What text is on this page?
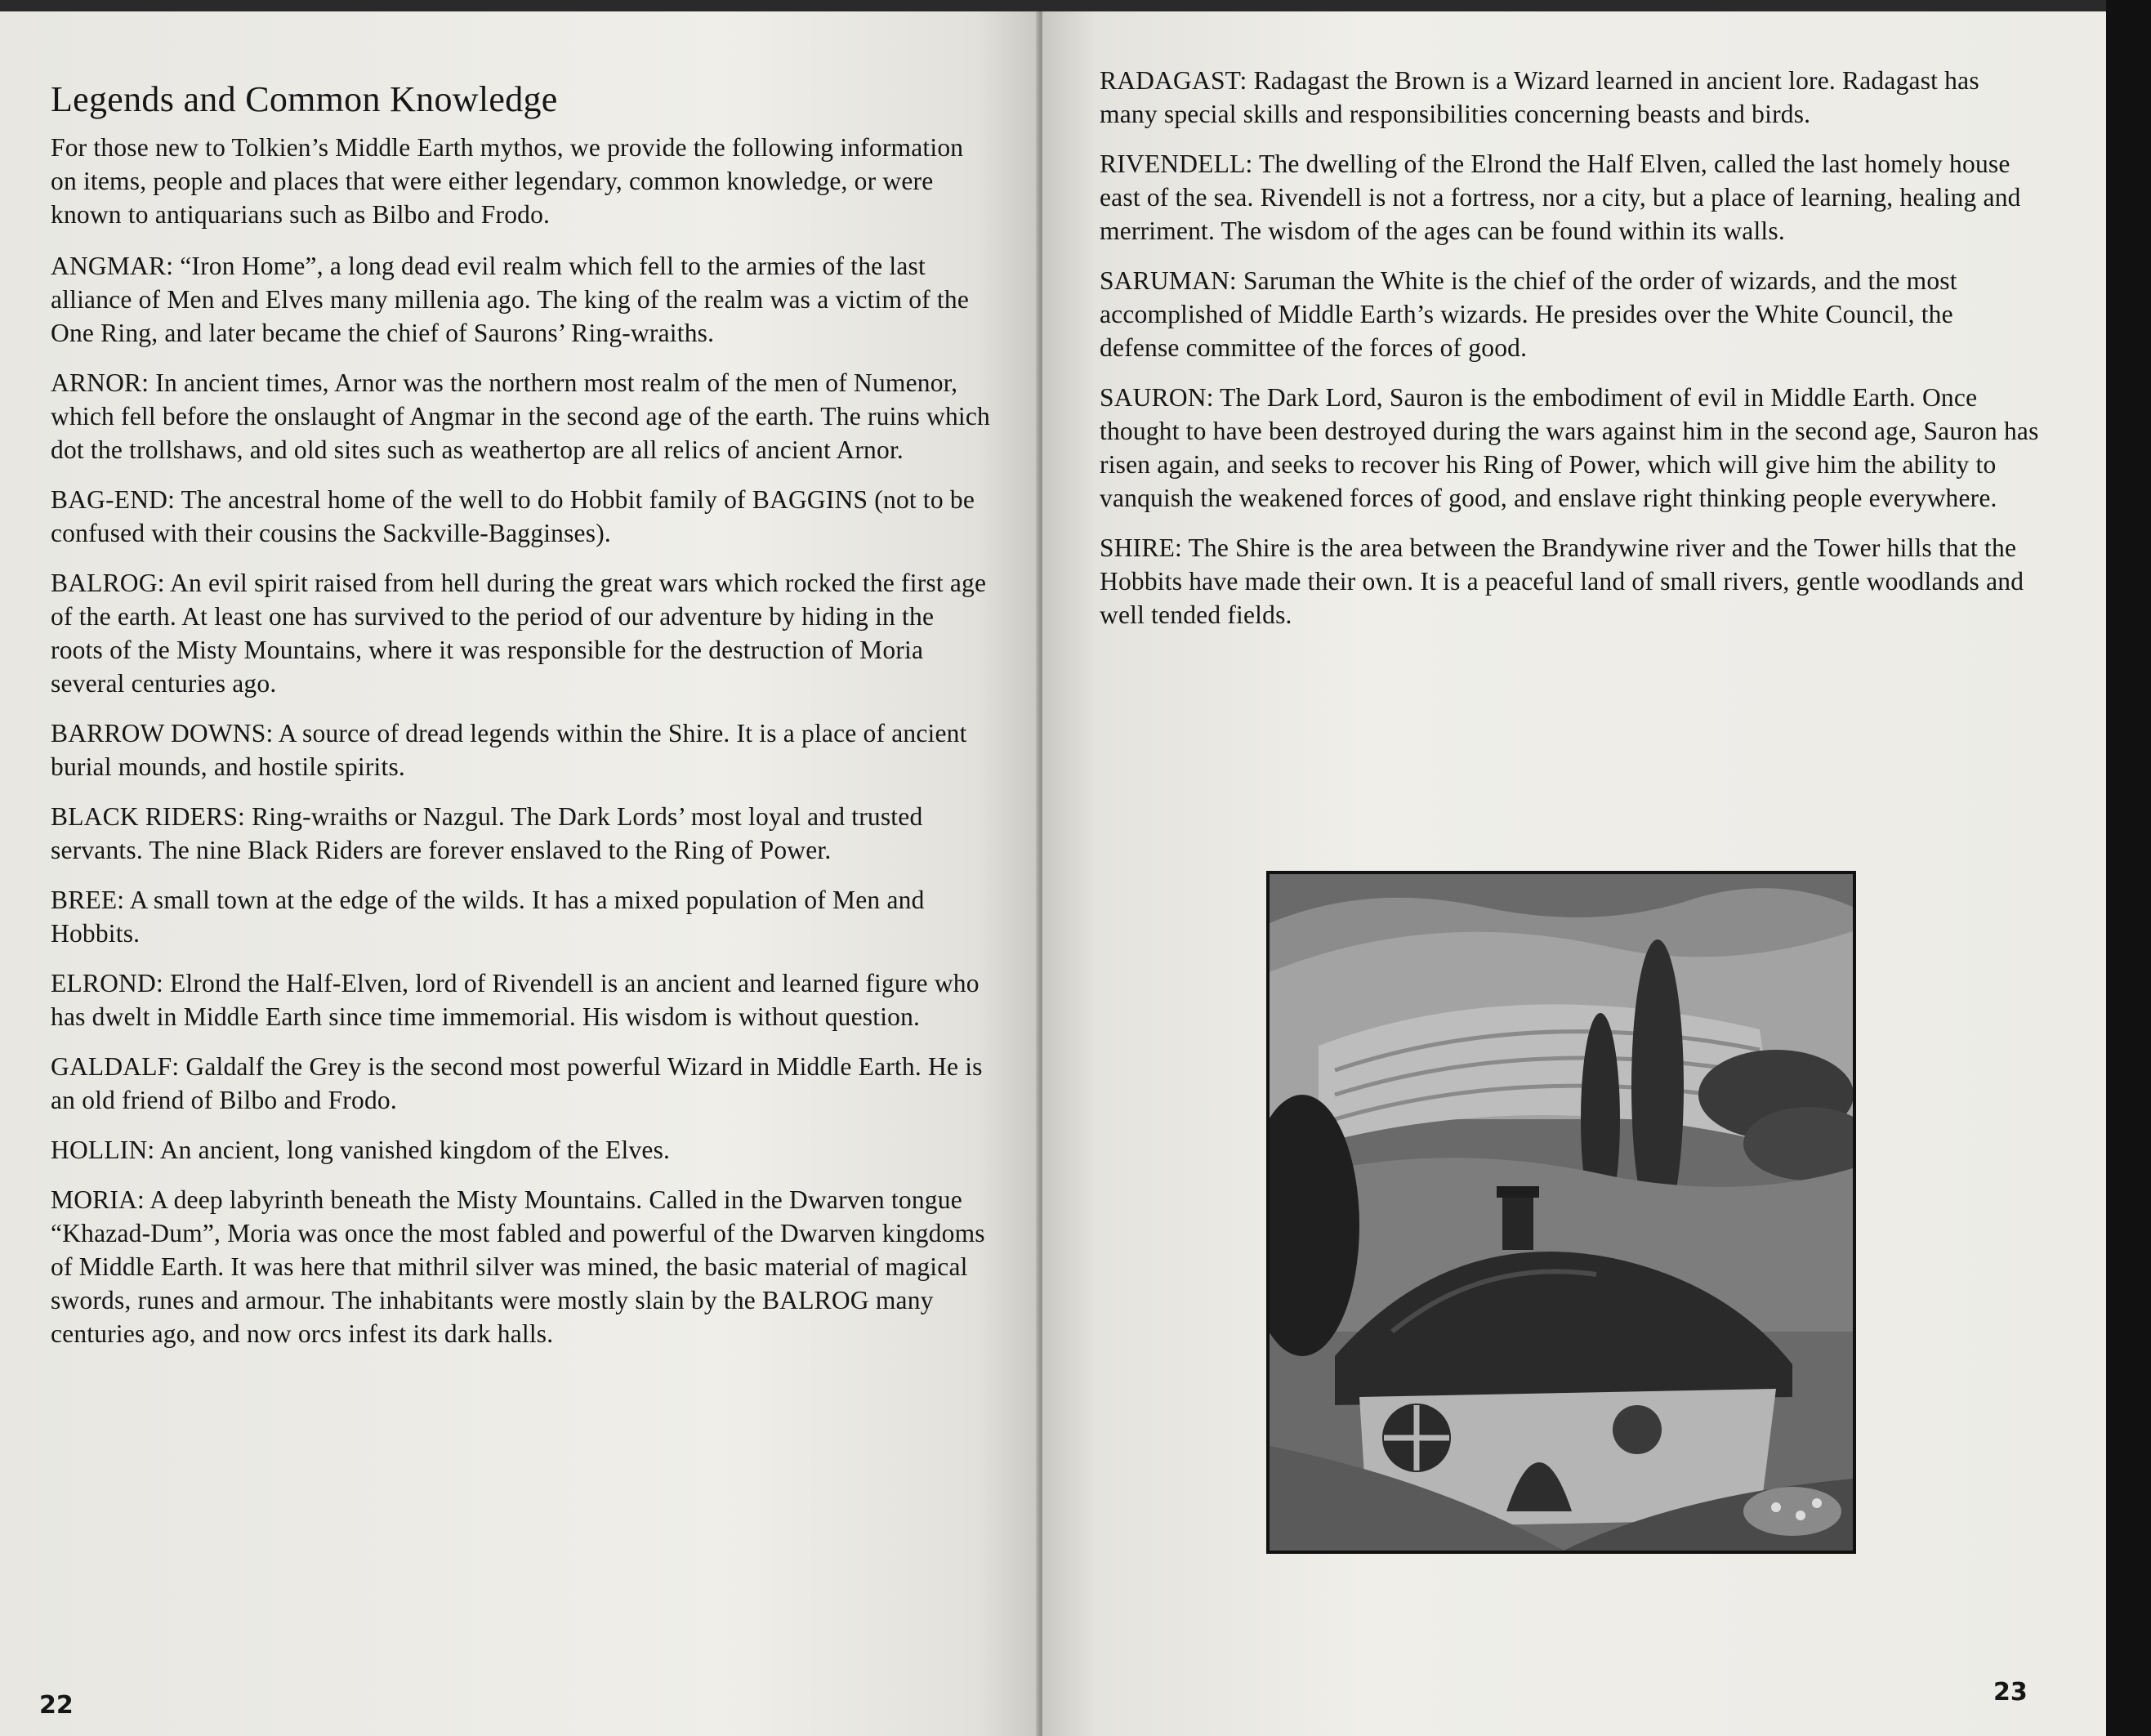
Legends and Common Knowledge

For those new to Tolkien’s Middle Earth mythos, we provide the following information on items, people and places that were either legendary, common knowledge, or were known to antiquarians such as Bilbo and Frodo.

ANGMAR: “Iron Home”, a long dead evil realm which fell to the armies of the last alliance of Men and Elves many millenia ago. The king of the realm was a victim of the One Ring, and later became the chief of Saurons’ Ring-wraiths.

ARNOR: In ancient times, Arnor was the northern most realm of the men of Numenor, which fell before the onslaught of Angmar in the second age of the earth. The ruins which dot the trollshaws, and old sites such as weathertop are all relics of ancient Arnor.

BAG-END: The ancestral home of the well to do Hobbit family of BAGGINS (not to be confused with their cousins the Sackville-Bagginses).

BALROG: An evil spirit raised from hell during the great wars which rocked the first age of the earth. At least one has survived to the period of our adventure by hiding in the roots of the Misty Mountains, where it was responsible for the destruction of Moria several centuries ago.

BARROW DOWNS: A source of dread legends within the Shire. It is a place of ancient burial mounds, and hostile spirits.

BLACK RIDERS: Ring-wraiths or Nazgul. The Dark Lords’ most loyal and trusted servants. The nine Black Riders are forever enslaved to the Ring of Power.

BREE: A small town at the edge of the wilds. It has a mixed population of Men and Hobbits.

ELROND: Elrond the Half-Elven, lord of Rivendell is an ancient and learned figure who has dwelt in Middle Earth since time immemorial. His wisdom is without question.

GALDALF: Galdalf the Grey is the second most powerful Wizard in Middle Earth. He is an old friend of Bilbo and Frodo.

HOLLIN: An ancient, long vanished kingdom of the Elves.

MORIA: A deep labyrinth beneath the Misty Mountains. Called in the Dwarven tongue “Khazad-Dum”, Moria was once the most fabled and powerful of the Dwarven kingdoms of Middle Earth. It was here that mithril silver was mined, the basic material of magical swords, runes and armour. The inhabitants were mostly slain by the BALROG many centuries ago, and now orcs infest its dark halls.

22

RADAGAST: Radagast the Brown is a Wizard learned in ancient lore. Radagast has many special skills and responsibilities concerning beasts and birds.

RIVENDELL: The dwelling of the Elrond the Half Elven, called the last homely house east of the sea. Rivendell is not a fortress, nor a city, but a place of learning, healing and merriment. The wisdom of the ages can be found within its walls.

SARUMAN: Saruman the White is the chief of the order of wizards, and the most accomplished of Middle Earth’s wizards. He presides over the White Council, the defense committee of the forces of good.

SAURON: The Dark Lord, Sauron is the embodiment of evil in Middle Earth. Once thought to have been destroyed during the wars against him in the second age, Sauron has risen again, and seeks to recover his Ring of Power, which will give him the ability to vanquish the weakened forces of good, and enslave right thinking people everywhere.

SHIRE: The Shire is the area between the Brandywine river and the Tower hills that the Hobbits have made their own. It is a peaceful land of small rivers, gentle woodlands and well tended fields.

23
